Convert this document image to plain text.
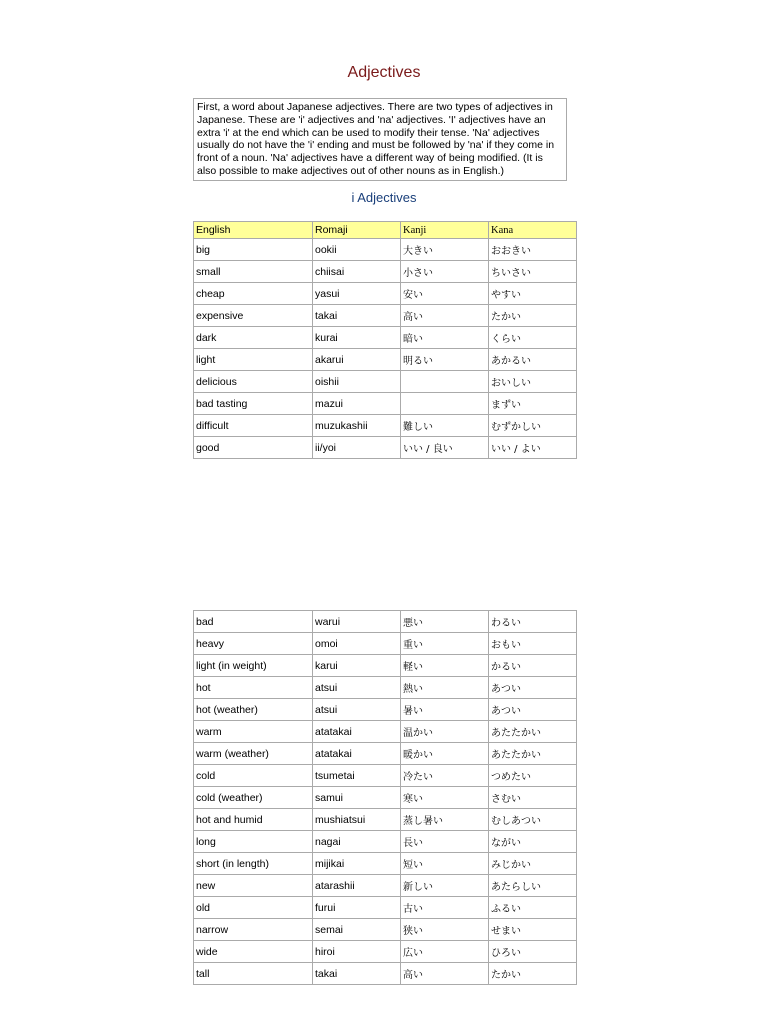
Adjectives
First, a word about Japanese adjectives. There are two types of adjectives in Japanese. These are 'i' adjectives and 'na' adjectives. 'I' adjectives have an extra 'i' at the end which can be used to modify their tense. 'Na' adjectives usually do not have the 'i' ending and must be followed by 'na' if they come in front of a noun. 'Na' adjectives have a different way of being modified. (It is also possible to make adjectives out of other nouns as in English.)
i Adjectives
English	Romaji	Kanji	Kana
big	ookii	大きい	おおきい
small	chiisai	小さい	ちいさい
cheap	yasui	安い	やすい
expensive	takai	高い	たかい
dark	kurai	暗い	くらい
light	akarui	明るい	あかるい
delicious	oishii		おいしい
bad tasting	mazui		まずい
difficult	muzukashii	難しい	むずかしい
good	ii/yoi	いい / 良い	いい / よい
bad	warui	悪い	わるい
heavy	omoi	重い	おもい
light (in weight)	karui	軽い	かるい
hot	atsui	熱い	あつい
hot (weather)	atsui	暑い	あつい
warm	atatakai	温かい	あたたかい
warm (weather)	atatakai	暖かい	あたたかい
cold	tsumetai	冷たい	つめたい
cold (weather)	samui	寒い	さむい
hot and humid	mushiatsui	蒸し暑い	むしあつい
long	nagai	長い	ながい
short (in length)	mijikai	短い	みじかい
new	atarashii	新しい	あたらしい
old	furui	古い	ふるい
narrow	semai	狭い	せまい
wide	hiroi	広い	ひろい
tall	takai	高い	たかい
